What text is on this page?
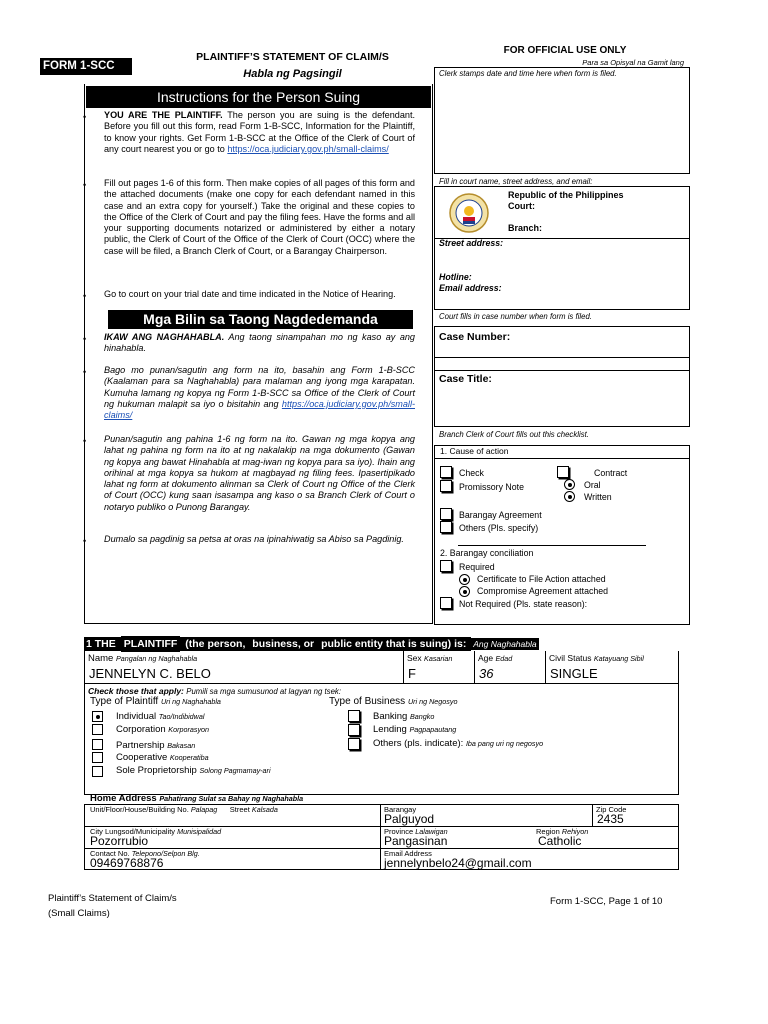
FORM 1-SCC
PLAINTIFF’S STATEMENT OF CLAIM/S
Habla ng Pagsingil
FOR OFFICIAL USE ONLY
Para sa Opisyal na Gamit lang
Clerk stamps date and time here when form is filed.
Instructions for the Person Suing
• YOU ARE THE PLAINTIFF. The person you are suing is the defendant. Before you fill out this form, read Form 1-B-SCC, Information for the Plaintiff, to know your rights. Get Form 1-B-SCC at the Office of the Clerk of Court of any court nearest you or go to https://oca.judiciary.gov.ph/small-claims/
• Fill out pages 1-6 of this form. Then make copies of all pages of this form and the attached documents (make one copy for each defendant named in this case and an extra copy for yourself.) Take the original and these copies to the Office of the Clerk of Court and pay the filing fees. Have the forms and all your supporting documents notarized or administered by either a notary public, the Clerk of Court of the Office of the Clerk of Court (OCC) where the case will be filed, a Branch Clerk of Court, or a Barangay Chairperson.
• Go to court on your trial date and time indicated in the Notice of Hearing.
Mga Bilin sa Taong Nagdedemanda
• IKAW ANG NAGHAHABLA. Ang taong sinampahan mo ng kaso ay ang hinahabla.
• Bago mo punan/sagutin ang form na ito, basahin ang Form 1-B-SCC (Kaalaman para sa Naghahabla) para malaman ang iyong mga karapatan. Kumuha lamang ng kopya ng Form 1-B-SCC sa Office of the Clerk of Court ng hukuman malapit sa iyo o bisitahin ang https://oca.judiciary.gov.ph/small-claims/
• Punan/sagutin ang pahina 1-6 ng form na ito. Gawan ng mga kopya ang lahat ng pahina ng form na ito at ng nakalakip na mga dokumento (Gawan ng kopya ang bawat Hinahabla at mag-iwan ng kopya para sa iyo). Ihain ang orihinal at mga kopya sa hukom at magbayad ng filing fees. Ipasertipikado lahat ng form at dokumento alinman sa Clerk of Court ng Office of the Clerk of Court (OCC) kung saan isasampa ang kaso o sa Branch Clerk of Court o notaryo publiko o Punong Barangay.
• Dumalo sa pagdinig sa petsa at oras na ipinahiwatig sa Abiso sa Pagdinig.
Fill in court name, street address, and email:
Republic of the Philippines
Court:
Branch:
Street address:
Hotline:
Email address:
Court fills in case number when form is filed.
Case Number:
Case Title:
Branch Clerk of Court fills out this checklist.
1. Cause of action
Check	Contract
Promissory Note	Oral
Written
Barangay Agreement
Others (Pls. specify)
2. Barangay conciliation
Required
Certificate to File Action attached
Compromise Agreement attached
Not Required (Pls. state reason):
1 THE PLAINTIFF (the person, business, or public entity that is suing) is: Ang Naghahabla
Name Pangalan ng Naghahabla
JENNELYN C. BELO
Sex Kasarian
F
Age Edad
36
Civil Status Katayuang Sibil
SINGLE
Check those that apply: Pumili sa mga sumusunod at lagyan ng tsek:
Type of Plaintiff Uri ng Naghahabla	Type of Business Uri ng Negosyo
Individual Tao/Indibidwal
Corporation Korporasyon
Partnership Bakasan
Cooperative Kooperatiba
Sole Proprietorship Solong Pagmamay-ari
Banking Bangko
Lending Pagpapautang
Others (pls. indicate): Iba pang uri ng negosyo
Home Address Pahatirang Sulat sa Bahay ng Naghahabla
Unit/Floor/House/Building No. Palapag Street Kalsada	Barangay
Palguyod
Zip Code
2435
City Lungsod/Municipality Munisipalidad
Pozorrubio
Province Lalawigan
Pangasinan
Region Rehiyon
Catholic
Contact No. Telepono/Selpon Blg.
09469768876
Email Address
jennelynbelo24@gmail.com
Plaintiff’s Statement of Claim/s
(Small Claims)
Form 1-SCC, Page 1 of 10
